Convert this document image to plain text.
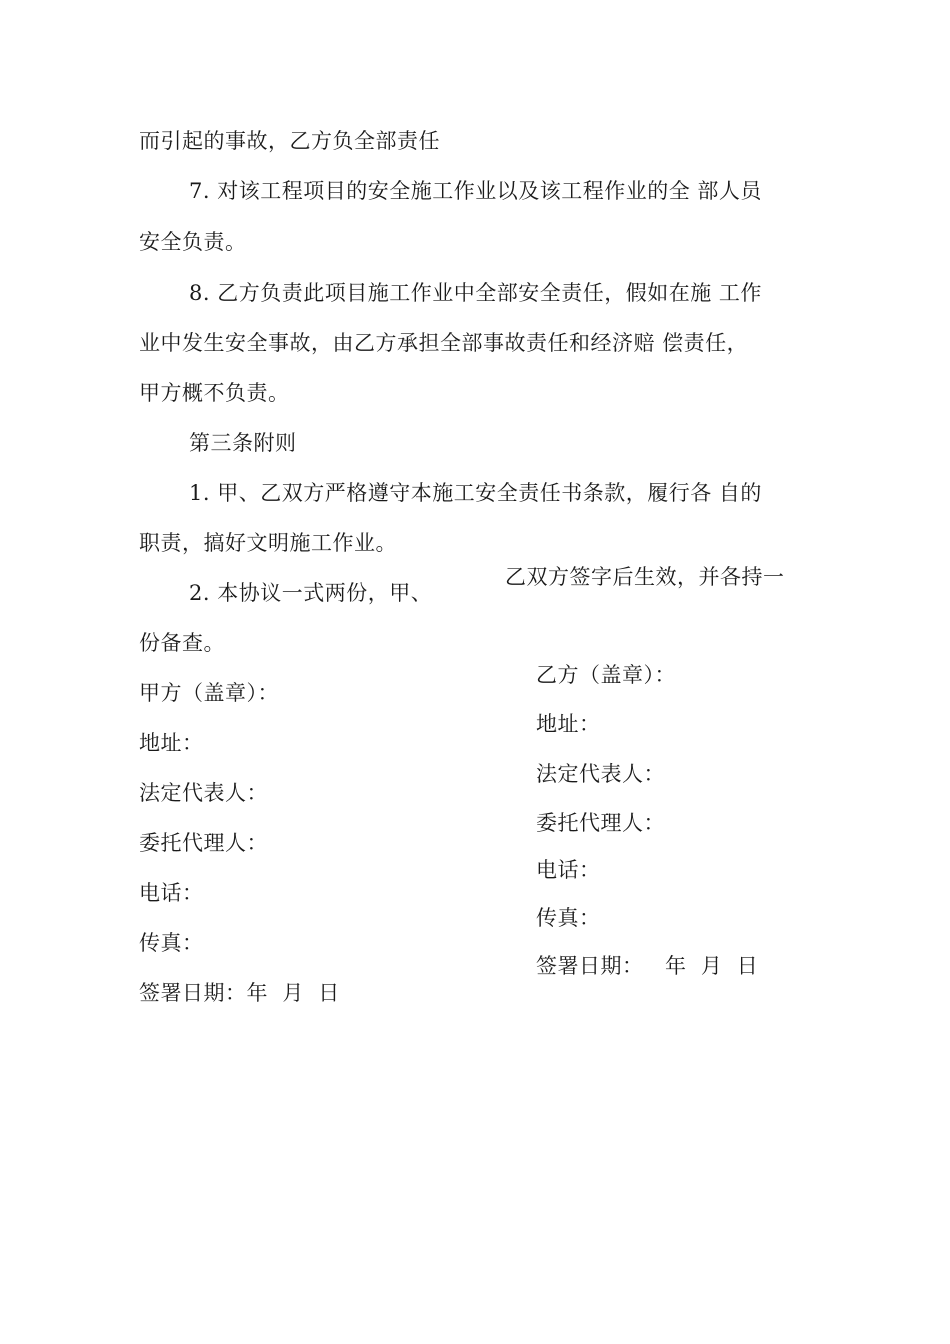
而引起的事故，乙方负全部责任
7. 对该工程项目的安全施工作业以及该工程作业的全 部人员
安全负责。
8. 乙方负责此项目施工作业中全部安全责任，假如在施 工作
业中发生安全事故，由乙方承担全部事故责任和经济赔 偿责任，
甲方概不负责。
第三条附则
1. 甲、乙双方严格遵守本施工安全责任书条款，履行各 自的
职责，搞好文明施工作业。
2. 本协议一式两份，甲、
乙双方签字后生效，并各持一
份备查。
甲方（盖章）：
地址：
法定代表人：
委托代理人：
电话：
传真：
签署日期：年  月  日
乙方（盖章）：
地址：
法定代表人：
委托代理人：
电话：
传真：
签署日期：   年  月  日
